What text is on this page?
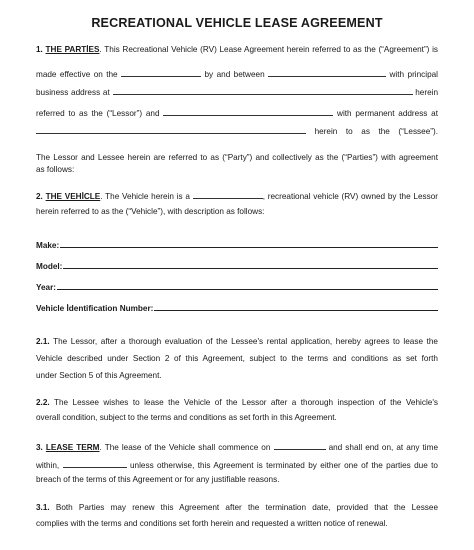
RECREATIONAL VEHICLE LEASE AGREEMENT
1. THE PARTİES. This Recreational Vehicle (RV) Lease Agreement herein referred to as the (“Agreement”) is
made effective on the	by and between	with principal
business address at	herein
referred to as the (“Lessor”) and	with permanent address at
herein to as the (“Lessee”).
The Lessor and Lessee herein are referred to as (“Party”) and collectively as the (“Parties”) with agreement
as follows:
2. THE VEHİCLE. The Vehicle herein is a	, recreational vehicle (RV) owned by the Lessor
herein referred to as the (“Vehicle”), with description as follows:
Make:
Model:
Year:
Vehicle İdentification Number:
2.1. The Lessor, after a thorough evaluation of the Lessee's rental application, hereby agrees to lease the
Vehicle described under Section 2 of this Agreement, subject to the terms and conditions as set forth
under Section 5 of this Agreement.
2.2. The Lessee wishes to lease the Vehicle of the Lessor after a thorough inspection of the Vehicle's
overall condition, subject to the terms and conditions as set forth in this Agreement.
3. LEASE TERM. The lease of the Vehicle shall commence on	and shall end on, at any time
within,	unless otherwise, this Agreement is terminated by either one of the parties due to
breach of the terms of this Agreement or for any justifiable reasons.
3.1. Both Parties may renew this Agreement after the termination date, provided that the Lessee
complies with the terms and conditions set forth herein and requested a written notice of renewal.
